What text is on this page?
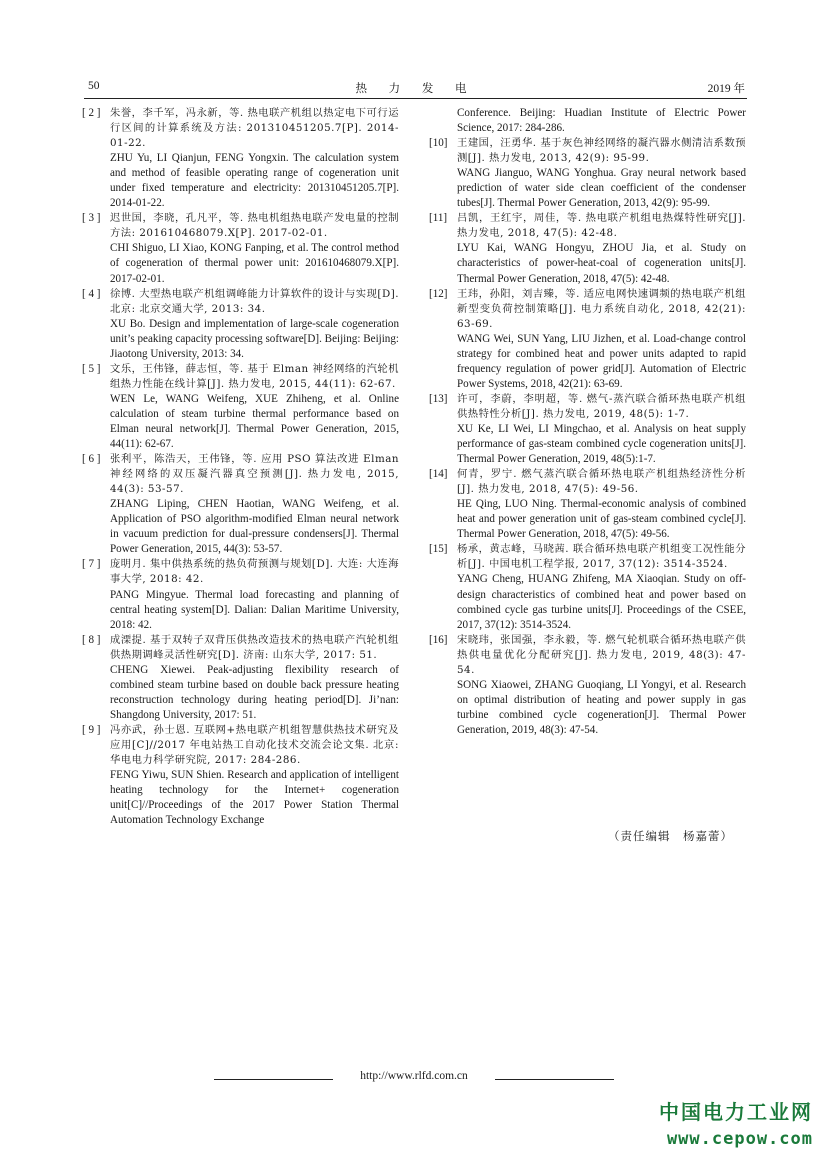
50	热 力 发 电	2019 年
[ 2 ] 朱誉，李千军，冯永新，等. 热电联产机组以热定电下可行运行区间的计算系统及方法: 201310451205.7[P]. 2014-01-22.
ZHU Yu, LI Qianjun, FENG Yongxin. The calculation system and method of feasible operating range of cogeneration unit under fixed temperature and electricity: 201310451205.7[P]. 2014-01-22.
[ 3 ] 迟世国，李晓，孔凡平，等. 热电机组热电联产发电量的控制方法: 201610468079.X[P]. 2017-02-01.
CHI Shiguo, LI Xiao, KONG Fanping, et al. The control method of cogeneration of thermal power unit: 201610468079.X[P]. 2017-02-01.
[ 4 ] 徐博. 大型热电联产机组调峰能力计算软件的设计与实现[D]. 北京: 北京交通大学, 2013: 34.
XU Bo. Design and implementation of large-scale cogeneration unit’s peaking capacity processing software[D]. Beijing: Beijing: Jiaotong University, 2013: 34.
[ 5 ] 文乐，王伟锋，薛志恒，等. 基于 Elman 神经网络的汽轮机组热力性能在线计算[J]. 热力发电, 2015, 44(11): 62-67.
WEN Le, WANG Weifeng, XUE Zhiheng, et al. Online calculation of steam turbine thermal performance based on Elman neural network[J]. Thermal Power Generation, 2015, 44(11): 62-67.
[ 6 ] 张利平，陈浩天，王伟锋，等. 应用 PSO 算法改进 Elman 神经网络的双压凝汽器真空预测[J]. 热力发电, 2015, 44(3): 53-57.
ZHANG Liping, CHEN Haotian, WANG Weifeng, et al. Application of PSO algorithm-modified Elman neural network in vacuum prediction for dual-pressure condensers[J]. Thermal Power Generation, 2015, 44(3): 53-57.
[ 7 ] 庞明月. 集中供热系统的热负荷预测与规划[D]. 大连: 大连海事大学, 2018: 42.
PANG Mingyue. Thermal load forecasting and planning of central heating system[D]. Dalian: Dalian Maritime University, 2018: 42.
[ 8 ] 成溧提. 基于双转子双背压供热改造技术的热电联产汽轮机组供热期调峰灵活性研究[D]. 济南: 山东大学, 2017: 51.
CHENG Xiewei. Peak-adjusting flexibility research of combined steam turbine based on double back pressure heating reconstruction technology during heating period[D]. Ji’nan: Shangdong University, 2017: 51.
[ 9 ] 冯亦武，孙士恩. 互联网+热电联产机组智慧供热技术研究及应用[C]//2017 年电站热工自动化技术交流会论文集. 北京: 华电电力科学研究院, 2017: 284-286.
FENG Yiwu, SUN Shien. Research and application of intelligent heating technology for the Internet+ cogeneration unit[C]//Proceedings of the 2017 Power Station Thermal Automation Technology Exchange
Conference. Beijing: Huadian Institute of Electric Power Science, 2017: 284-286.
[10] 王建国，汪勇华. 基于灰色神经网络的凝汽器水侧清洁系数预测[J]. 热力发电, 2013, 42(9): 95-99.
WANG Jianguo, WANG Yonghua. Gray neural network based prediction of water side clean coefficient of the condenser tubes[J]. Thermal Power Generation, 2013, 42(9): 95-99.
[11] 吕凯，王红宇，周佳，等. 热电联产机组电热煤特性研究[J]. 热力发电, 2018, 47(5): 42-48.
LYU Kai, WANG Hongyu, ZHOU Jia, et al. Study on characteristics of power-heat-coal of cogeneration units[J]. Thermal Power Generation, 2018, 47(5): 42-48.
[12] 王玮，孙阳，刘吉臻，等. 适应电网快速调频的热电联产机组新型变负荷控制策略[J]. 电力系统自动化, 2018, 42(21): 63-69.
WANG Wei, SUN Yang, LIU Jizhen, et al. Load-change control strategy for combined heat and power units adapted to rapid frequency regulation of power grid[J]. Automation of Electric Power Systems, 2018, 42(21): 63-69.
[13] 许可，李蔚，李明超，等. 燃气-蒸汽联合循环热电联产机组供热特性分析[J]. 热力发电, 2019, 48(5): 1-7.
XU Ke, LI Wei, LI Mingchao, et al. Analysis on heat supply performance of gas-steam combined cycle cogeneration units[J]. Thermal Power Generation, 2019, 48(5):1-7.
[14] 何青，罗宁. 燃气蒸汽联合循环热电联产机组热经济性分析[J]. 热力发电, 2018, 47(5): 49-56.
HE Qing, LUO Ning. Thermal-economic analysis of combined heat and power generation unit of gas-steam combined cycle[J]. Thermal Power Generation, 2018, 47(5): 49-56.
[15] 杨承，黄志峰，马晓茜. 联合循环热电联产机组变工况性能分析[J]. 中国电机工程学报, 2017, 37(12): 3514-3524.
YANG Cheng, HUANG Zhifeng, MA Xiaoqian. Study on off-design characteristics of combined heat and power based on combined cycle gas turbine units[J]. Proceedings of the CSEE, 2017, 37(12): 3514-3524.
[16] 宋晓玮，张国强，李永毅，等. 燃气轮机联合循环热电联产供热供电量优化分配研究[J]. 热力发电, 2019, 48(3): 47-54.
SONG Xiaowei, ZHANG Guoqiang, LI Yongyi, et al. Research on optimal distribution of heating and power supply in gas turbine combined cycle cogeneration[J]. Thermal Power Generation, 2019, 48(3): 47-54.
（责任编辑　杨嘉蕾）
http://www.rlfd.com.cn
中国电力工业网
www.cepow.com
